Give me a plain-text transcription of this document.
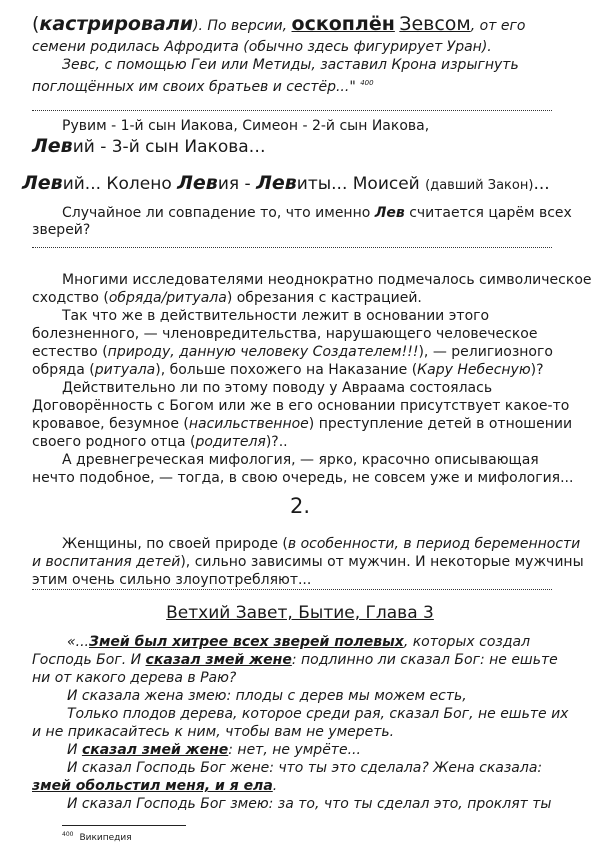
(кастрировали). По версии, оскоплён Зевсом, от его
семени родилась Афродита (обычно здесь фигурирует Уран).
Зевс, с помощью Геи или Метиды, заставил Крона изрыгнуть
поглощённых им своих братьев и сестёр..." $^{400}$
Рувим - 1-й сын Иакова, Симеон - 2-й сын Иакова,
Левий - 3-й сын Иакова…
Левий... Колено Левия - Левиты... Моисей (давший Закон)...
Случайное ли совпадение то, что именно Лев считается царём всех
зверей?
Многими исследователями неоднократно подмечалось символическое
сходство (обряда/ритуала) обрезания с кастрацией.
Так что же в действительности лежит в основании этого
болезненного, — членовредительства, нарушающего человеческое
естество (природу, данную человеку Создателем!!!), — религиозного
обряда (ритуала), больше похожего на Наказание (Кару Небесную)?
Действительно ли по этому поводу у Авраама состоялась
Договорённость с Богом или же в его основании присутствует какое-то
кровавое, безумное (насильственное) преступление детей в отношении
своего родного отца (родителя)?..
А древнегреческая мифология, — ярко, красочно описывающая
нечто подобное, — тогда, в свою очередь, не совсем уже и мифология...
2.
Женщины, по своей природе (в особенности, в период беременности
и воспитания детей), сильно зависимы от мужчин. И некоторые мужчины
этим очень сильно злоупотребляют...
Ветхий Завет, Бытие, Глава 3
«...Змей был хитрее всех зверей полевых, которых создал
Господь Бог. И сказал змей жене: подлинно ли сказал Бог: не ешьте
ни от какого дерева в Раю?
И сказала жена змею: плоды с дерев мы можем есть,
Только плодов дерева, которое среди рая, сказал Бог, не ешьте их
и не прикасайтесь к ним, чтобы вам не умереть.
И сказал змей жене: нет, не умрёте...
И сказал Господь Бог жене: что ты это сделала? Жена сказала:
змей обольстил меня, и я ела.
И сказал Господь Бог змею: за то, что ты сделал это, проклят ты
$^{400}$ Википедия
